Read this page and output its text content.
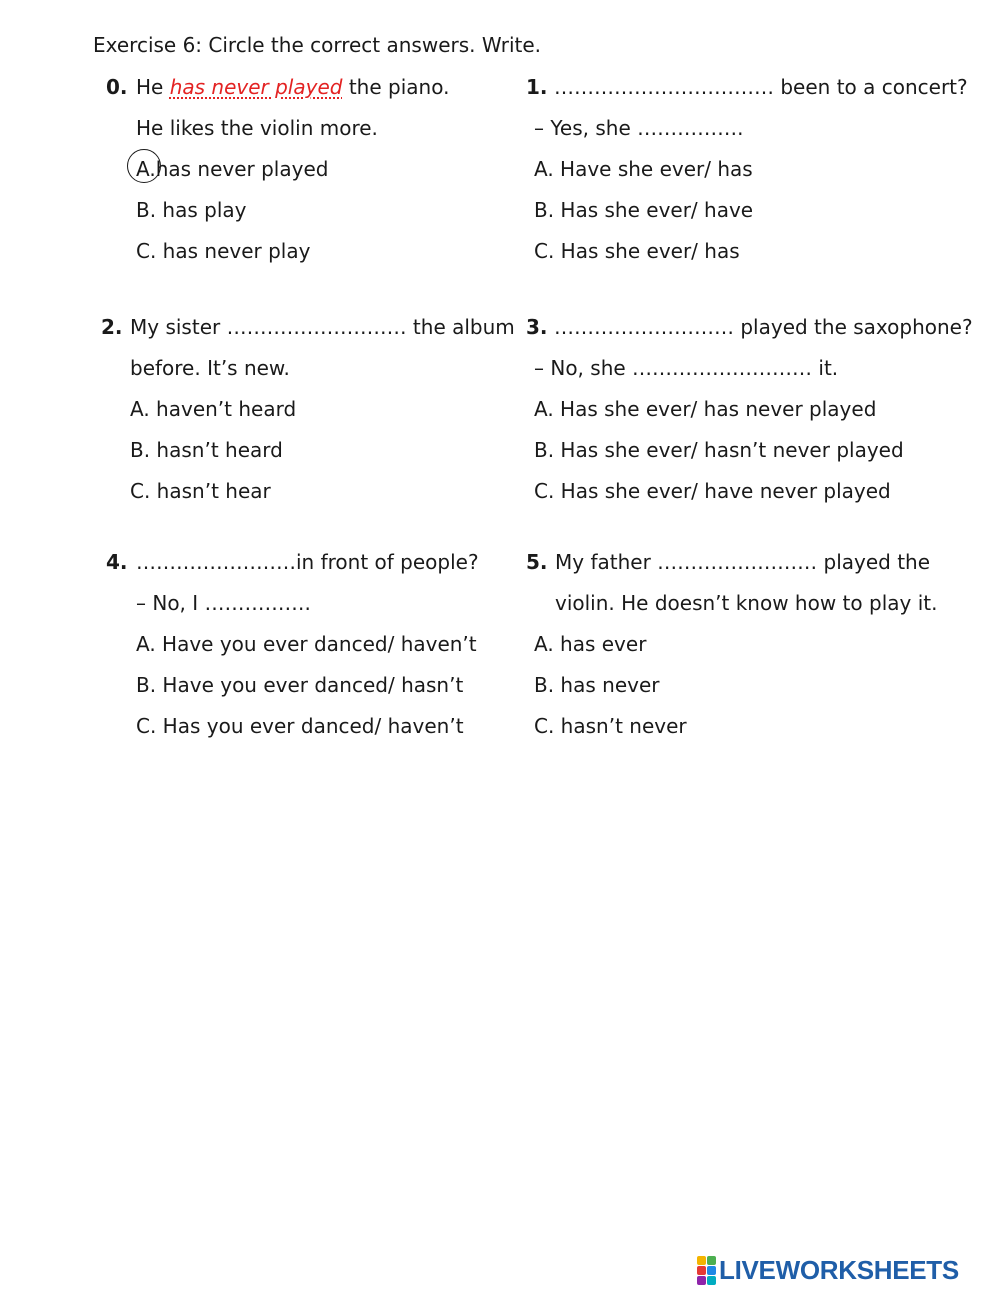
Exercise 6: Circle the correct answers. Write.
0. He has never played the piano.
He likes the violin more.
A.has never played
B. has play
C. has never play
1. …………………………… been to a concert?
– Yes, she …………….
A. Have she ever/ has
B. Has she ever/ have
C. Has she ever/ has
2. My sister ……………………… the album
before. It’s new.
A. haven’t heard
B. hasn’t heard
C. hasn’t hear
3. ……………………… played the saxophone?
– No, she ……………………… it.
A. Has she ever/ has never played
B. Has she ever/ hasn’t never played
C. Has she ever/ have never played
4. ……………………in front of people?
– No, I …………….
A. Have you ever danced/ haven’t
B. Have you ever danced/ hasn’t
C. Has you ever danced/ haven’t
5. My father …………………… played the
violin. He doesn’t know how to play it.
A. has ever
B. has never
C. hasn’t never
LIVEWORKSHEETS
